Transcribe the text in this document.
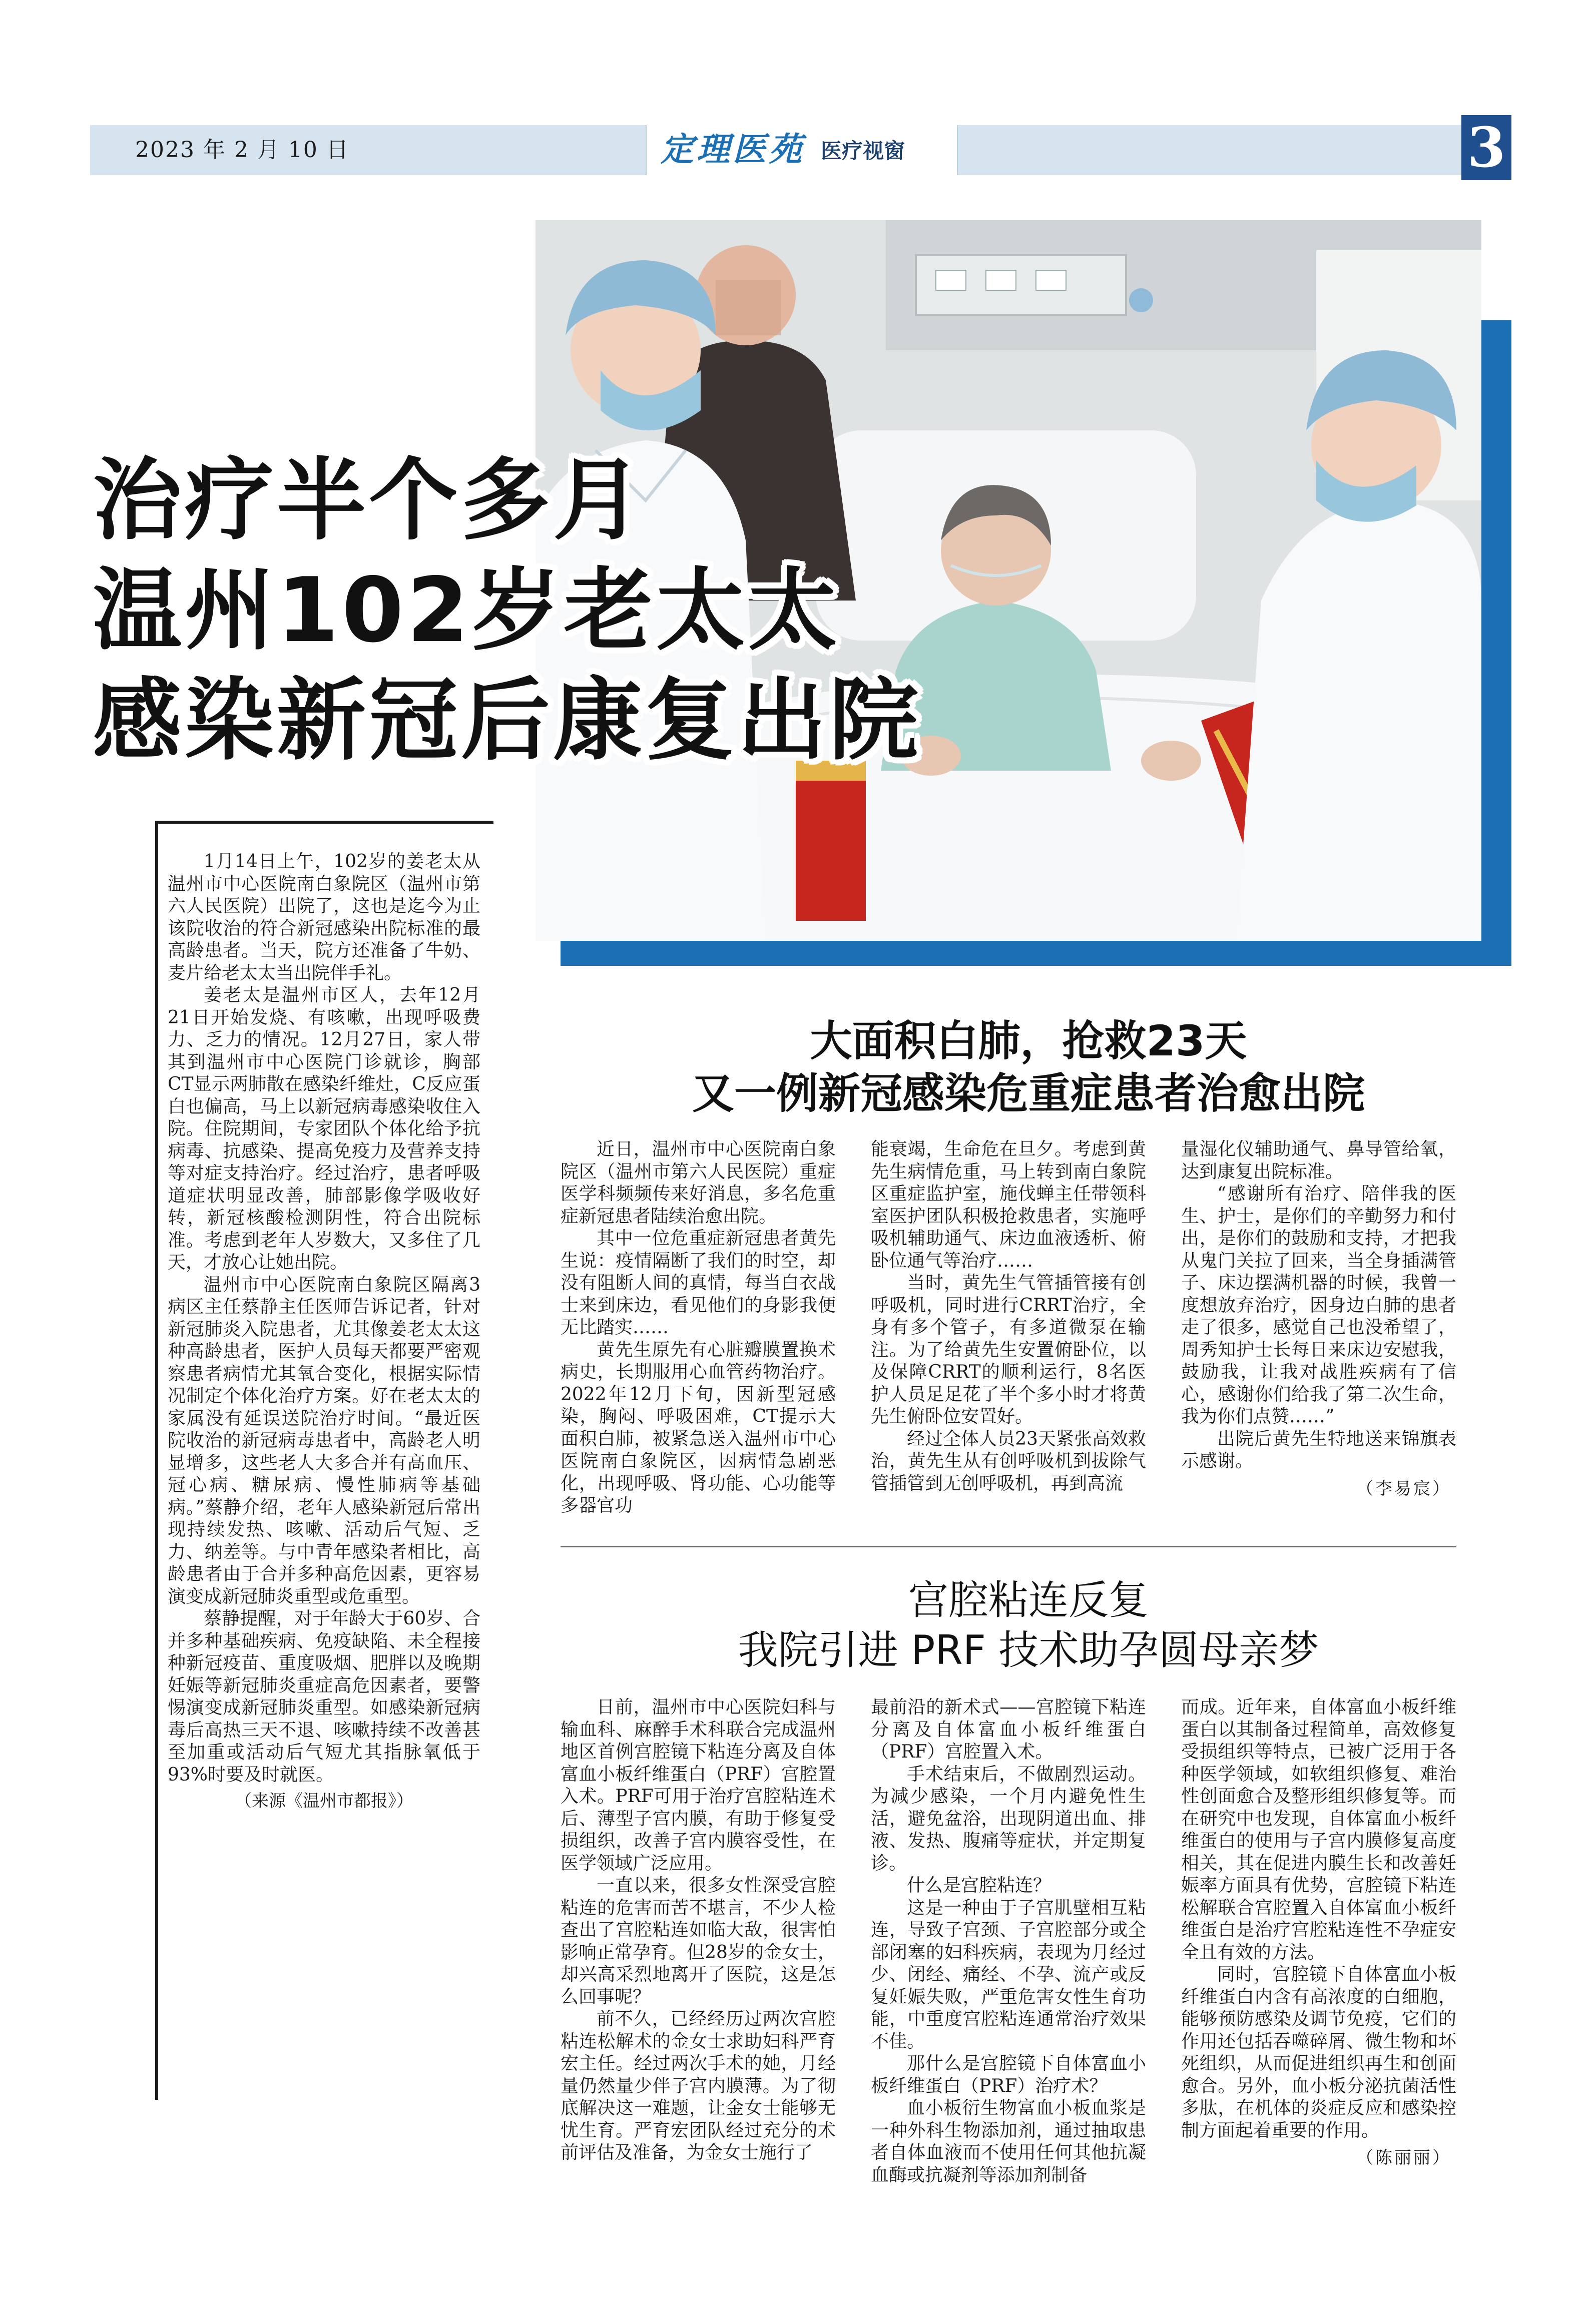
2023 年 2 月 10 日	定理医苑 医疗视窗	3
治疗半个多月
温州102岁老太太
感染新冠后康复出院

1月14日上午，102岁的姜老太从温州市中心医院南白象院区（温州市第六人民医院）出院了，这也是迄今为止该院收治的符合新冠感染出院标准的最高龄患者。当天，院方还准备了牛奶、麦片给老太太当出院伴手礼。

姜老太是温州市区人，去年12月21日开始发烧、有咳嗽，出现呼吸费力、乏力的情况。12月27日，家人带其到温州市中心医院门诊就诊，胸部CT显示两肺散在感染纤维灶，C反应蛋白也偏高，马上以新冠病毒感染收住入院。住院期间，专家团队个体化给予抗病毒、抗感染、提高免疫力及营养支持等对症支持治疗。经过治疗，患者呼吸道症状明显改善，肺部影像学吸收好转，新冠核酸检测阴性，符合出院标准。考虑到老年人岁数大，又多住了几天，才放心让她出院。

温州市中心医院南白象院区隔离3病区主任蔡静主任医师告诉记者，针对新冠肺炎入院患者，尤其像姜老太太这种高龄患者，医护人员每天都要严密观察患者病情尤其氧合变化，根据实际情况制定个体化治疗方案。好在老太太的家属没有延误送院治疗时间。“最近医院收治的新冠病毒患者中，高龄老人明显增多，这些老人大多合并有高血压、冠心病、糖尿病、慢性肺病等基础病。”蔡静介绍，老年人感染新冠后常出现持续发热、咳嗽、活动后气短、乏力、纳差等。与中青年感染者相比，高龄患者由于合并多种高危因素，更容易演变成新冠肺炎重型或危重型。

蔡静提醒，对于年龄大于60岁、合并多种基础疾病、免疫缺陷、未全程接种新冠疫苗、重度吸烟、肥胖以及晚期妊娠等新冠肺炎重症高危因素者，要警惕演变成新冠肺炎重型。如感染新冠病毒后高热三天不退、咳嗽持续不改善甚至加重或活动后气短尤其指脉氧低于93%时要及时就医。

（来源《温州市都报》）

大面积白肺，抢救23天
又一例新冠感染危重症患者治愈出院

近日，温州市中心医院南白象院区（温州市第六人民医院）重症医学科频频传来好消息，多名危重症新冠患者陆续治愈出院。

其中一位危重症新冠患者黄先生说：疫情隔断了我们的时空，却没有阻断人间的真情，每当白衣战士来到床边，看见他们的身影我便无比踏实……

黄先生原先有心脏瓣膜置换术病史，长期服用心血管药物治疗。2022年12月下旬，因新型冠感染，胸闷、呼吸困难，CT提示大面积白肺，被紧急送入温州市中心医院南白象院区，因病情急剧恶化，出现呼吸、肾功能、心功能等多器官功

能衰竭，生命危在旦夕。考虑到黄先生病情危重，马上转到南白象院区重症监护室，施伐蝉主任带领科室医护团队积极抢救患者，实施呼吸机辅助通气、床边血液透析、俯卧位通气等治疗……

当时，黄先生气管插管接有创呼吸机，同时进行CRRT治疗，全身有多个管子，有多道微泵在输注。为了给黄先生安置俯卧位，以及保障CRRT的顺利运行，8名医护人员足足花了半个多小时才将黄先生俯卧位安置好。

经过全体人员23天紧张高效救治，黄先生从有创呼吸机到拔除气管插管到无创呼吸机，再到高流

量湿化仪辅助通气、鼻导管给氧，达到康复出院标准。

“感谢所有治疗、陪伴我的医生、护士，是你们的辛勤努力和付出，是你们的鼓励和支持，才把我从鬼门关拉了回来，当全身插满管子、床边摆满机器的时候，我曾一度想放弃治疗，因身边白肺的患者走了很多，感觉自己也没希望了，周秀知护士长每日来床边安慰我，鼓励我，让我对战胜疾病有了信心，感谢你们给我了第二次生命，我为你们点赞……”

出院后黄先生特地送来锦旗表示感谢。

（李易宸）

宫腔粘连反复
我院引进 PRF 技术助孕圆母亲梦

日前，温州市中心医院妇科与输血科、麻醉手术科联合完成温州地区首例宫腔镜下粘连分离及自体富血小板纤维蛋白（PRF）宫腔置入术。PRF可用于治疗宫腔粘连术后、薄型子宫内膜，有助于修复受损组织，改善子宫内膜容受性，在医学领域广泛应用。

一直以来，很多女性深受宫腔粘连的危害而苦不堪言，不少人检查出了宫腔粘连如临大敌，很害怕影响正常孕育。但28岁的金女士，却兴高采烈地离开了医院，这是怎么回事呢？

前不久，已经经历过两次宫腔粘连松解术的金女士求助妇科严育宏主任。经过两次手术的她，月经量仍然量少伴子宫内膜薄。为了彻底解决这一难题，让金女士能够无忧生育。严育宏团队经过充分的术前评估及准备，为金女士施行了

最前沿的新术式——宫腔镜下粘连分离及自体富血小板纤维蛋白（PRF）宫腔置入术。

手术结束后，不做剧烈运动。为减少感染，一个月内避免性生活，避免盆浴，出现阴道出血、排液、发热、腹痛等症状，并定期复诊。

什么是宫腔粘连？

这是一种由于子宫肌壁相互粘连，导致子宫颈、子宫腔部分或全部闭塞的妇科疾病，表现为月经过少、闭经、痛经、不孕、流产或反复妊娠失败，严重危害女性生育功能，中重度宫腔粘连通常治疗效果不佳。

那什么是宫腔镜下自体富血小板纤维蛋白（PRF）治疗术？

血小板衍生物富血小板血浆是一种外科生物添加剂，通过抽取患者自体血液而不使用任何其他抗凝血酶或抗凝剂等添加剂制备

而成。近年来，自体富血小板纤维蛋白以其制备过程简单，高效修复受损组织等特点，已被广泛用于各种医学领域，如软组织修复、难治性创面愈合及整形组织修复等。而在研究中也发现，自体富血小板纤维蛋白的使用与子宫内膜修复高度相关，其在促进内膜生长和改善妊娠率方面具有优势，宫腔镜下粘连松解联合宫腔置入自体富血小板纤维蛋白是治疗宫腔粘连性不孕症安全且有效的方法。

同时，宫腔镜下自体富血小板纤维蛋白内含有高浓度的白细胞，能够预防感染及调节免疫，它们的作用还包括吞噬碎屑、微生物和坏死组织，从而促进组织再生和创面愈合。另外，血小板分泌抗菌活性多肽，在机体的炎症反应和感染控制方面起着重要的作用。

（陈丽丽）
